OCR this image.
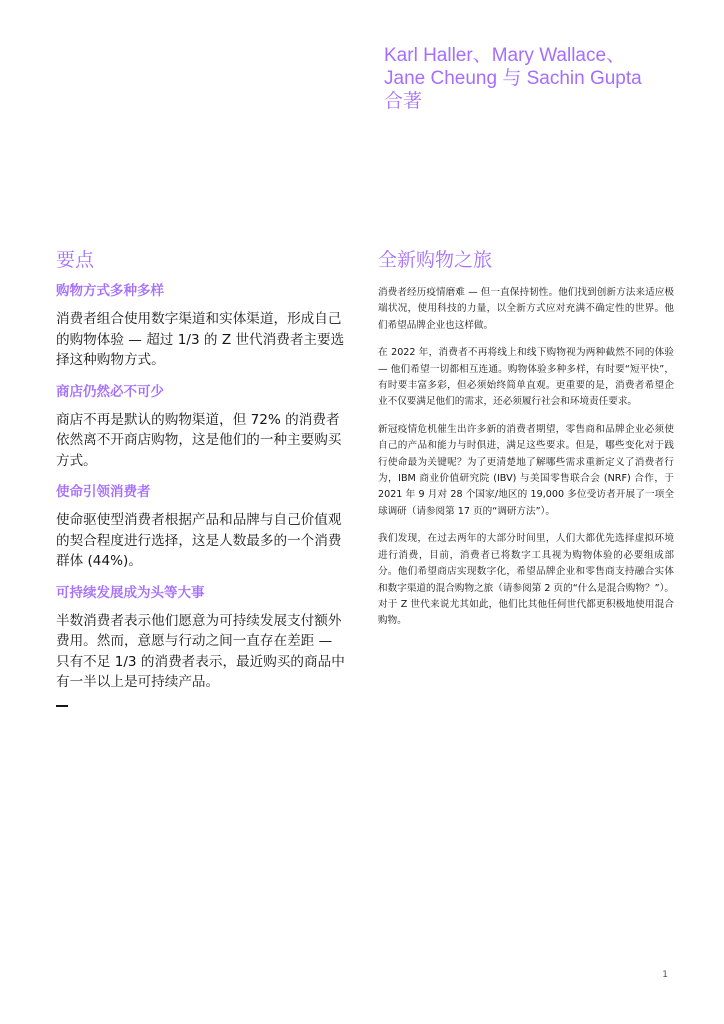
Karl Haller、Mary Wallace、
Jane Cheung 与 Sachin Gupta
合著
要点
购物方式多种多样

消费者组合使用数字渠道和实体渠道，形成自己的购物体验 — 超过 1/3 的 Z 世代消费者主要选择这种购物方式。

商店仍然必不可少

商店不再是默认的购物渠道，但 72% 的消费者依然离不开商店购物，这是他们的一种主要购买方式。

使命引领消费者

使命驱使型消费者根据产品和品牌与自己价值观的契合程度进行选择，这是人数最多的一个消费群体 (44%)。

可持续发展成为头等大事

半数消费者表示他们愿意为可持续发展支付额外费用。然而，意愿与行动之间一直存在差距 — 只有不足 1/3 的消费者表示，最近购买的商品中有一半以上是可持续产品。

全新购物之旅

消费者经历疫情磨难 — 但一直保持韧性。他们找到创新方法来适应极端状况，使用科技的力量，以全新方式应对充满不确定性的世界。他们希望品牌企业也这样做。

在 2022 年，消费者不再将线上和线下购物视为两种截然不同的体验 — 他们希望一切都相互连通。购物体验多种多样，有时要“短平快”，有时要丰富多彩，但必须始终简单直观。更重要的是，消费者希望企业不仅要满足他们的需求，还必须履行社会和环境责任要求。

新冠疫情危机催生出许多新的消费者期望，零售商和品牌企业必须使自己的产品和能力与时俱进，满足这些要求。但是，哪些变化对于践行使命最为关键呢？为了更清楚地了解哪些需求重新定义了消费者行为，IBM 商业价值研究院 (IBV) 与美国零售联合会 (NRF) 合作，于 2021 年 9 月对 28 个国家/地区的 19,000 多位受访者开展了一项全球调研（请参阅第 17 页的“调研方法”）。

我们发现，在过去两年的大部分时间里，人们大都优先选择虚拟环境进行消费，目前，消费者已将数字工具视为购物体验的必要组成部分。他们希望商店实现数字化，希望品牌企业和零售商支持融合实体和数字渠道的混合购物之旅（请参阅第 2 页的“什么是混合购物？”）。对于 Z 世代来说尤其如此，他们比其他任何世代都更积极地使用混合购物。

1
